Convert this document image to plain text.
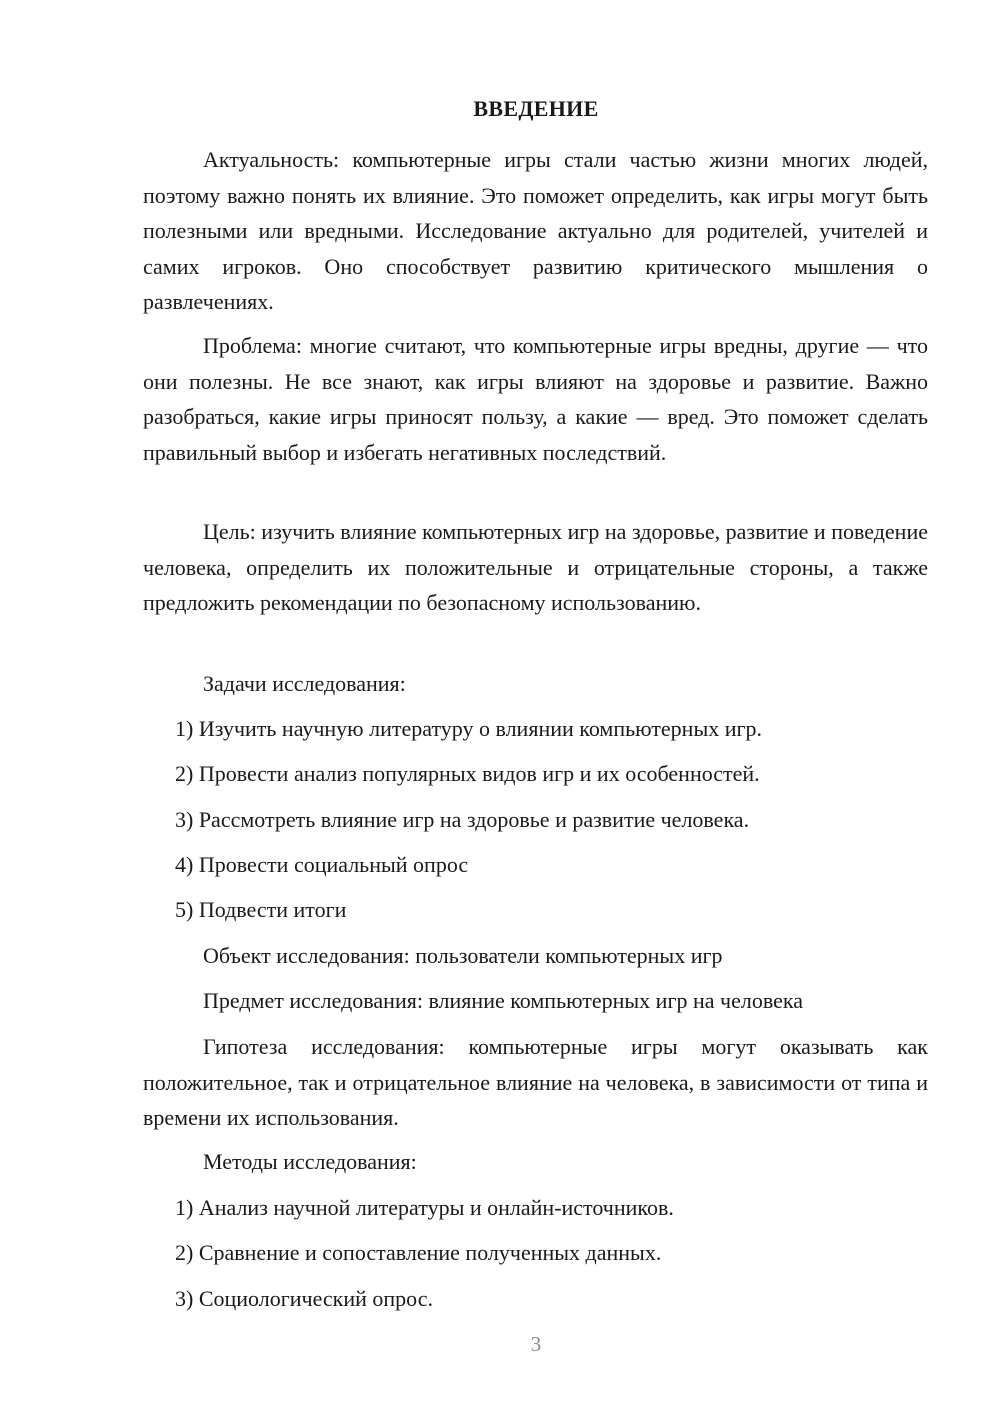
ВВЕДЕНИЕ

Актуальность: компьютерные игры стали частью жизни многих людей, поэтому важно понять их влияние. Это поможет определить, как игры могут быть полезными или вредными. Исследование актуально для родителей, учителей и самих игроков. Оно способствует развитию критического мышления о развлечениях.

Проблема: многие считают, что компьютерные игры вредны, другие — что они полезны. Не все знают, как игры влияют на здоровье и развитие. Важно разобраться, какие игры приносят пользу, а какие — вред. Это поможет сделать правильный выбор и избегать негативных последствий.

Цель: изучить влияние компьютерных игр на здоровье, развитие и поведение человека, определить их положительные и отрицательные стороны, а также предложить рекомендации по безопасному использованию.

Задачи исследования:

1) Изучить научную литературу о влиянии компьютерных игр.

2) Провести анализ популярных видов игр и их особенностей.

3) Рассмотреть влияние игр на здоровье и развитие человека.

4) Провести социальный опрос

5) Подвести итоги

Объект исследования: пользователи компьютерных игр

Предмет исследования: влияние компьютерных игр на человека

Гипотеза исследования: компьютерные игры могут оказывать как положительное, так и отрицательное влияние на человека, в зависимости от типа и времени их использования.

Методы исследования:

1) Анализ научной литературы и онлайн-источников.

2) Сравнение и сопоставление полученных данных.

3) Социологический опрос.

3
